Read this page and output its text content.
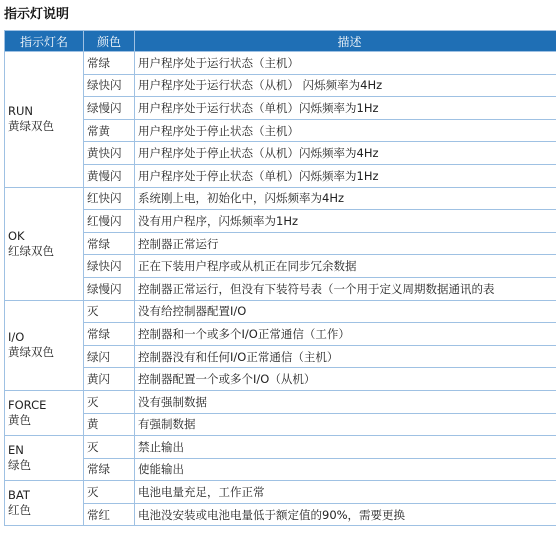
指示灯说明
指示灯名	颜色	描述

RUN
黄绿双色	常绿	用户程序处于运行状态（主机）
	绿快闪	用户程序处于运行状态（从机） 闪烁频率为4Hz
	绿慢闪	用户程序处于运行状态（单机）闪烁频率为1Hz
	常黄	用户程序处于停止状态（主机）
	黄快闪	用户程序处于停止状态（从机）闪烁频率为4Hz
	黄慢闪	用户程序处于停止状态（单机）闪烁频率为1Hz

OK
红绿双色	红快闪	系统刚上电，初始化中，闪烁频率为4Hz
	红慢闪	没有用户程序，闪烁频率为1Hz
	常绿	控制器正常运行
	绿快闪	正在下装用户程序或从机正在同步冗余数据
	绿慢闪	控制器正常运行，但没有下装符号表（一个用于定义周期数据通讯的表

I/O
黄绿双色	灭	没有给控制器配置I/O
	常绿	控制器和一个或多个I/O正常通信（工作）
	绿闪	控制器没有和任何I/O正常通信（主机）
	黄闪	控制器配置一个或多个I/O（从机）

FORCE
黄色	灭	没有强制数据
	黄	有强制数据

EN
绿色	灭	禁止输出
	常绿	使能输出

BAT
红色	灭	电池电量充足，工作正常
	常红	电池没安装或电池电量低于额定值的90%，需要更换
